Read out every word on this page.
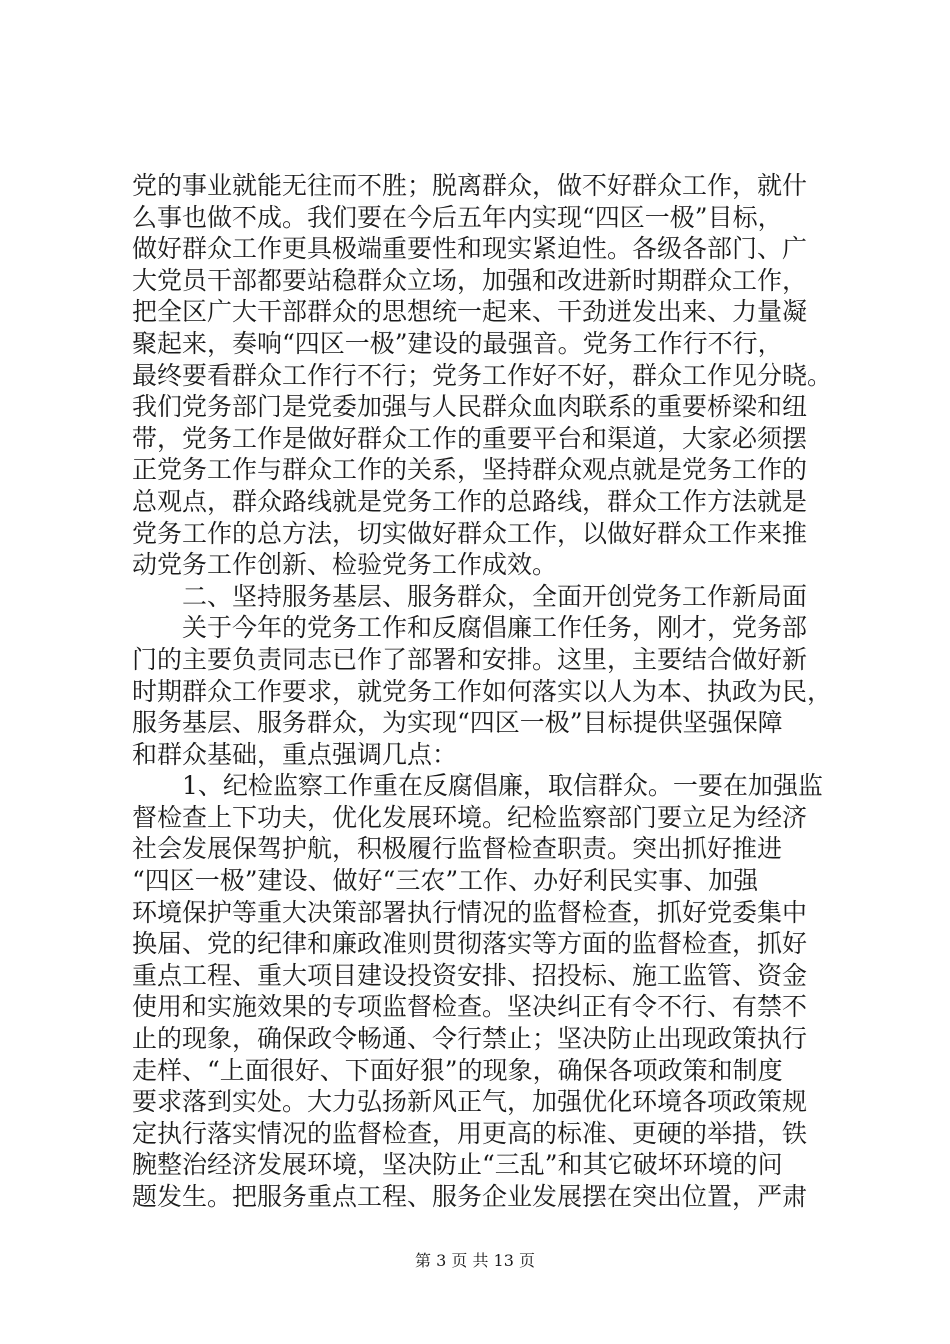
党的事业就能无往而不胜；脱离群众，做不好群众工作，就什
么事也做不成。我们要在今后五年内实现“四区一极”目标，
做好群众工作更具极端重要性和现实紧迫性。各级各部门、广
大党员干部都要站稳群众立场，加强和改进新时期群众工作，
把全区广大干部群众的思想统一起来、干劲迸发出来、力量凝
聚起来，奏响“四区一极”建设的最强音。党务工作行不行，
最终要看群众工作行不行；党务工作好不好，群众工作见分晓。
我们党务部门是党委加强与人民群众血肉联系的重要桥梁和纽
带，党务工作是做好群众工作的重要平台和渠道，大家必须摆
正党务工作与群众工作的关系，坚持群众观点就是党务工作的
总观点，群众路线就是党务工作的总路线，群众工作方法就是
党务工作的总方法，切实做好群众工作，以做好群众工作来推
动党务工作创新、检验党务工作成效。
二、坚持服务基层、服务群众，全面开创党务工作新局面
关于今年的党务工作和反腐倡廉工作任务，刚才，党务部
门的主要负责同志已作了部署和安排。这里，主要结合做好新
时期群众工作要求，就党务工作如何落实以人为本、执政为民，
服务基层、服务群众，为实现“四区一极”目标提供坚强保障
和群众基础，重点强调几点：
1、纪检监察工作重在反腐倡廉，取信群众。一要在加强监
督检查上下功夫，优化发展环境。纪检监察部门要立足为经济
社会发展保驾护航，积极履行监督检查职责。突出抓好推进
“四区一极”建设、做好“三农”工作、办好利民实事、加强
环境保护等重大决策部署执行情况的监督检查，抓好党委集中
换届、党的纪律和廉政准则贯彻落实等方面的监督检查，抓好
重点工程、重大项目建设投资安排、招投标、施工监管、资金
使用和实施效果的专项监督检查。坚决纠正有令不行、有禁不
止的现象，确保政令畅通、令行禁止；坚决防止出现政策执行
走样、“上面很好、下面好狠”的现象，确保各项政策和制度
要求落到实处。大力弘扬新风正气，加强优化环境各项政策规
定执行落实情况的监督检查，用更高的标准、更硬的举措，铁
腕整治经济发展环境，坚决防止“三乱”和其它破坏环境的问
题发生。把服务重点工程、服务企业发展摆在突出位置，严肃
第 3 页 共 13 页
